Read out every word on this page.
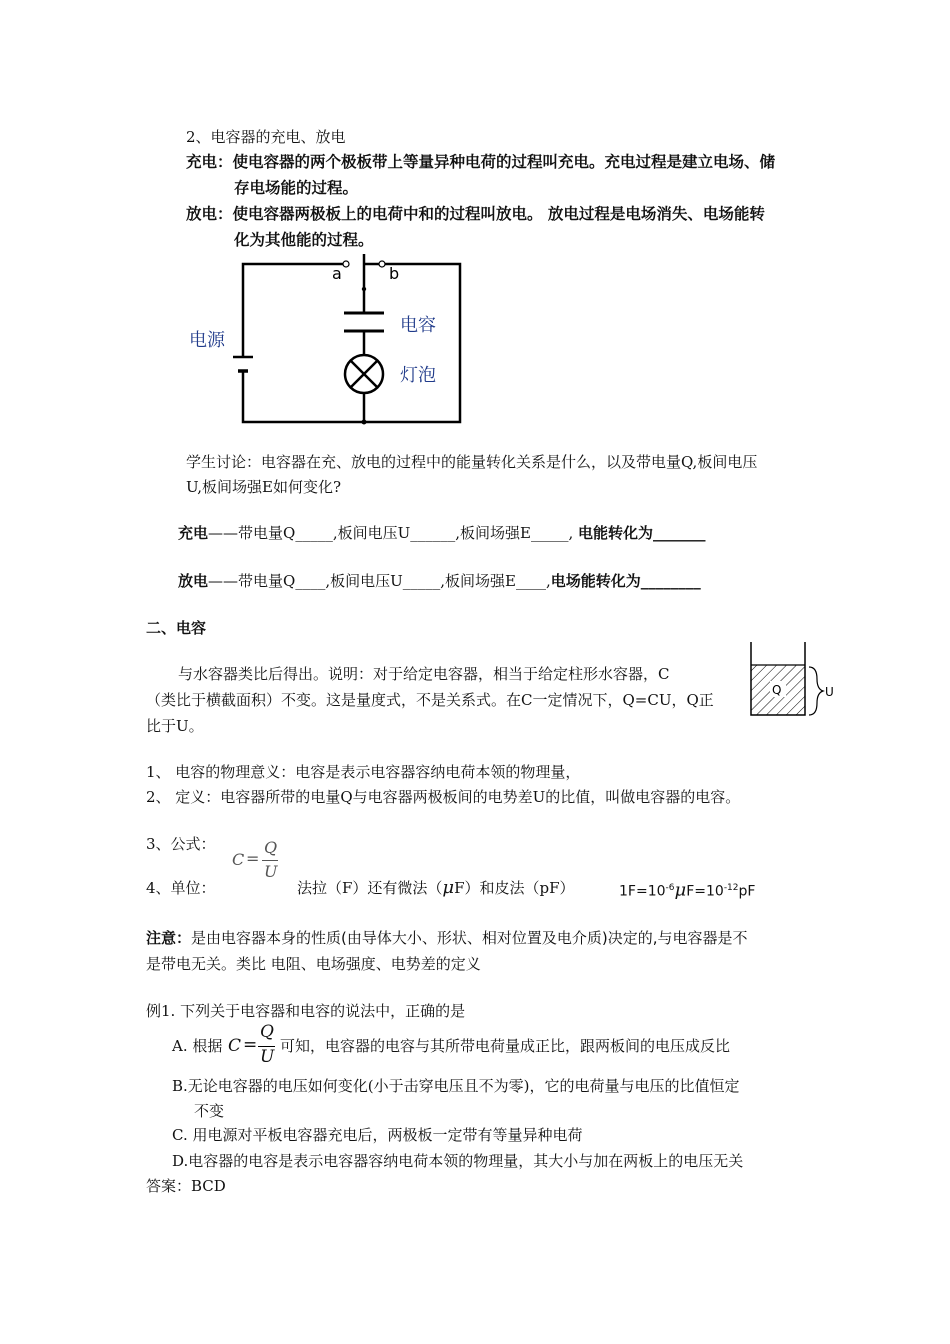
2、电容器的充电、放电
充电：使电容器的两个极板带上等量异种电荷的过程叫充电。充电过程是建立电场、储
存电场能的过程。
放电：使电容器两极板上的电荷中和的过程叫放电。 放电过程是电场消失、电场能转
化为其他能的过程。
a	b
电源
电容
灯泡
学生讨论：电容器在充、放电的过程中的能量转化关系是什么，以及带电量Q,板间电压
U,板间场强E如何变化?
充电——带电量Q_____,板间电压U______,板间场强E_____, 电能转化为_______
放电——带电量Q____,板间电压U_____,板间场强E____,电场能转化为________
二、电容
与水容器类比后得出。说明：对于给定电容器，相当于给定柱形水容器，C
（类比于横截面积）不变。这是量度式，不是关系式。在C一定情况下，Q=CU，Q正
比于U。
Q	U
1、 电容的物理意义：电容是表示电容器容纳电荷本领的物理量，
2、 定义：电容器所带的电量Q与电容器两极板间的电势差U的比值，叫做电容器的电容。
3、公式：
C =
Q
U
4、单位：	法拉（F）还有微法（μF）和皮法（pF）	$1F=10^{-6}\mu F=10^{-12}pF$
注意：是由电容器本身的性质(由导体大小、形状、相对位置及电介质)决定的,与电容器是不
是带电无关。类比 电阻、电场强度、电势差的定义
例1. 下列关于电容器和电容的说法中，正确的是
A. 根据 C =
Q
U
可知，电容器的电容与其所带电荷量成正比，跟两板间的电压成反比
B.无论电容器的电压如何变化(小于击穿电压且不为零)，它的电荷量与电压的比值恒定
不变
C. 用电源对平板电容器充电后，两极板一定带有等量异种电荷
D.电容器的电容是表示电容器容纳电荷本领的物理量，其大小与加在两板上的电压无关
答案：BCD
